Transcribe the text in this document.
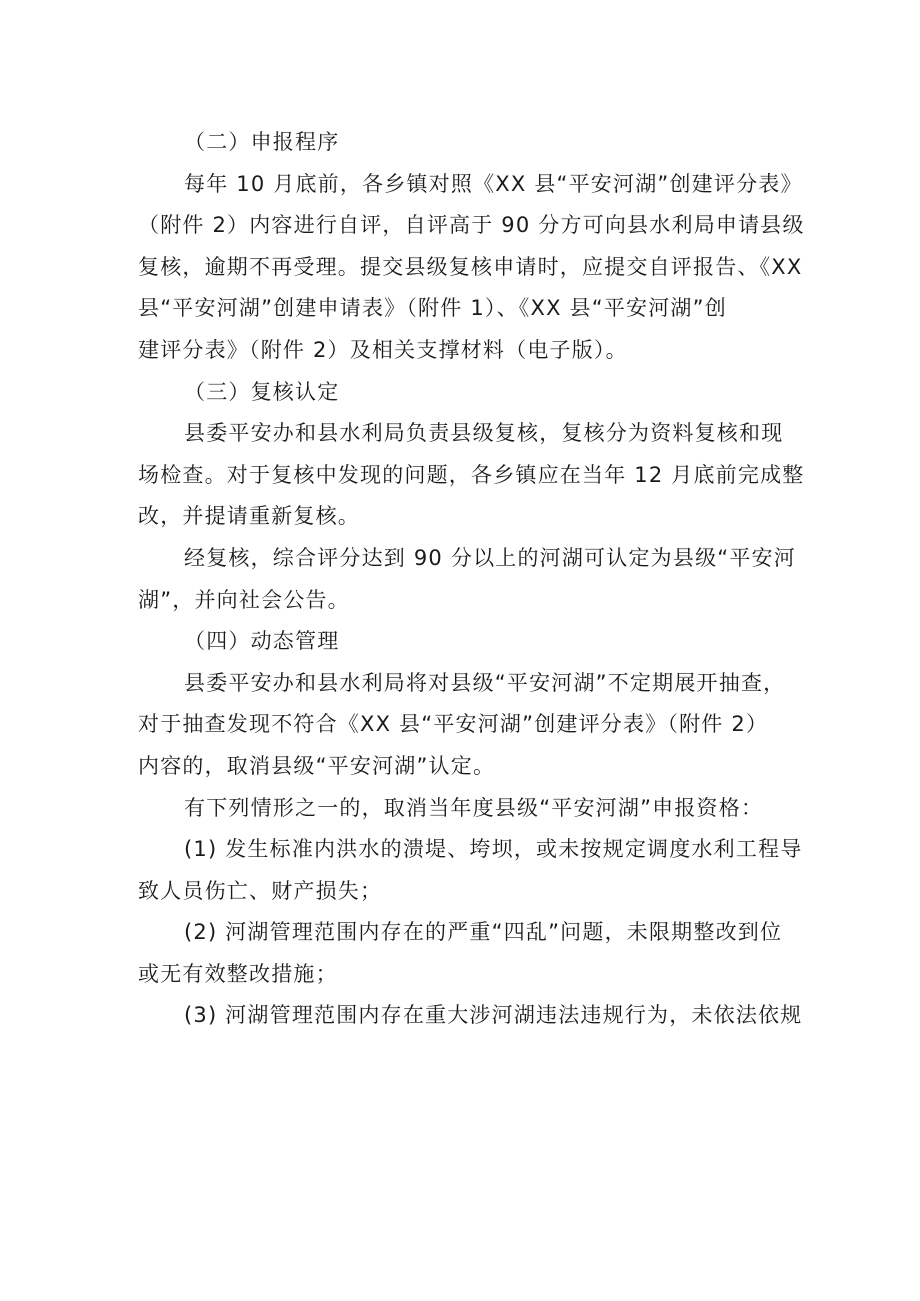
（二）申报程序
每年 10 月底前，各乡镇对照《XX 县“平安河湖”创建评分表》
（附件 2）内容进行自评，自评高于 90 分方可向县水利局申请县级
复核，逾期不再受理。提交县级复核申请时，应提交自评报告、《XX
县“平安河湖”创建申请表》（附件 1）、《XX 县“平安河湖”创
建评分表》（附件 2）及相关支撑材料（电子版）。
（三）复核认定
县委平安办和县水利局负责县级复核，复核分为资料复核和现
场检查。对于复核中发现的问题，各乡镇应在当年 12 月底前完成整
改，并提请重新复核。
经复核，综合评分达到 90 分以上的河湖可认定为县级“平安河
湖”，并向社会公告。
（四）动态管理
县委平安办和县水利局将对县级“平安河湖”不定期展开抽查，
对于抽查发现不符合《XX 县“平安河湖”创建评分表》（附件 2）
内容的，取消县级“平安河湖”认定。
有下列情形之一的，取消当年度县级“平安河湖”申报资格：
(1) 发生标准内洪水的溃堤、垮坝，或未按规定调度水利工程导
致人员伤亡、财产损失；
(2) 河湖管理范围内存在的严重“四乱”问题，未限期整改到位
或无有效整改措施；
(3) 河湖管理范围内存在重大涉河湖违法违规行为，未依法依规
